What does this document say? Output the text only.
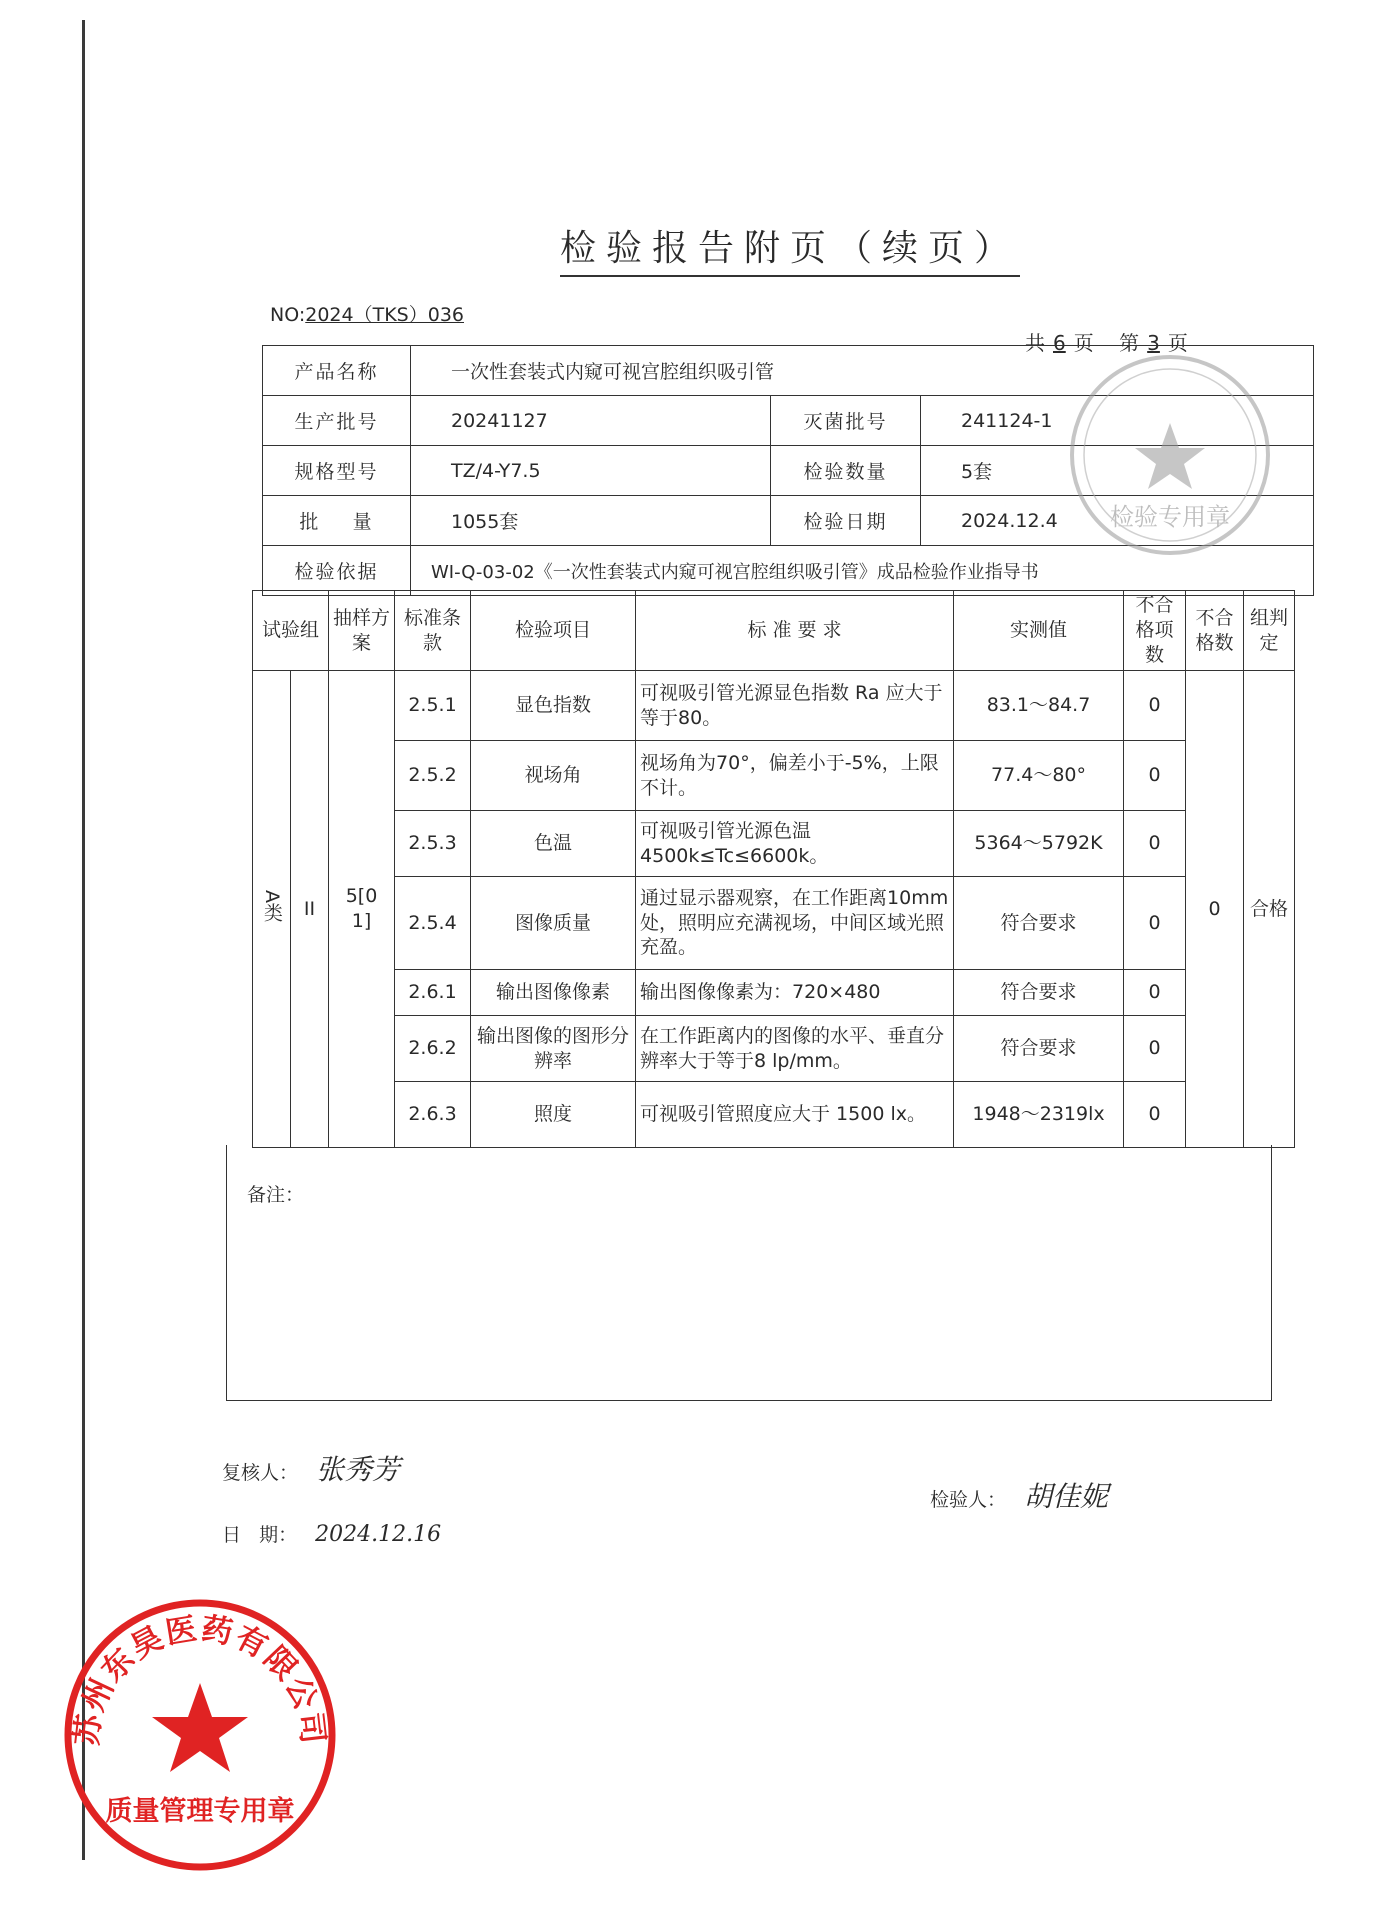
检验报告附页（续页）
NO:2024（TKS）036
共 6 页 第 3 页
产品名称	一次性套装式内窥可视宫腔组织吸引管		
生产批号	20241127	灭菌批号	241124-1
规格型号	TZ/4-Y7.5	检验数量	5套
批    量	1055套	检验日期	2024.12.4
检验依据	WI-Q-03-02《一次性套装式内窥可视宫腔组织吸引管》成品检验作业指导书		
试验组		抽样方案	标准条款	检验项目	标 准 要 求	实测值	不合格项数	不合格数	组判定
A类	II	5[0 1]	2.5.1	显色指数	可视吸引管光源显色指数 Ra 应大于等于80。	83.1～84.7	0	0	合格
			2.5.2	视场角	视场角为70°，偏差小于-5%，上限不计。	77.4～80°	0		
			2.5.3	色温	可视吸引管光源色温 4500k≤Tc≤6600k。	5364～5792K	0		
			2.5.4	图像质量	通过显示器观察，在工作距离10mm处，照明应充满视场，中间区域光照充盈。	符合要求	0		
			2.6.1	输出图像像素	输出图像像素为：720×480	符合要求	0		
			2.6.2	输出图像的图形分辨率	在工作距离内的图像的水平、垂直分辨率大于等于8 lp/mm。	符合要求	0		
			2.6.3	照度	可视吸引管照度应大于 1500 lx。	1948～2319lx	0		
备注：
复核人： 张秀芳
检验人： 胡佳妮
日   期： 2024.12.16
检验专用章
苏州东昊医药有限公司
质量管理专用章
